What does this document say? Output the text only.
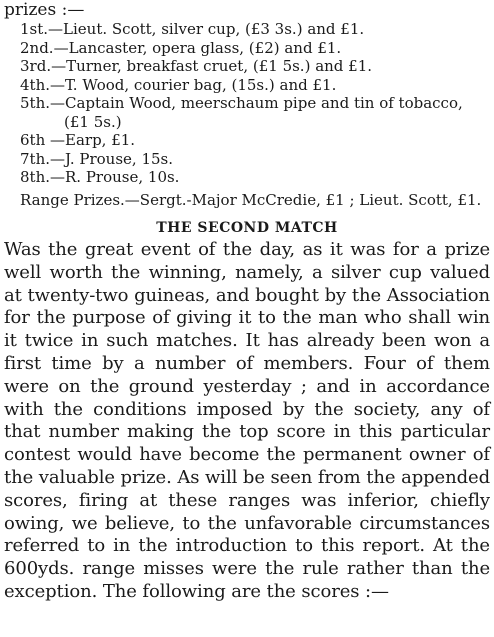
prizes :—

1st.—Lieut. Scott, silver cup, (£3 3s.) and £1.
2nd.—Lancaster, opera glass, (£2) and £1.
3rd.—Turner, breakfast cruet, (£1 5s.) and £1.
4th.—T. Wood, courier bag, (15s.) and £1.
5th.—Captain Wood, meerschaum pipe and tin of tobacco, (£1 5s.)
6th —Earp, £1.
7th.—J. Prouse, 15s.
8th.—R. Prouse, 10s.

Range Prizes.—Sergt.-Major McCredie, £1 ; Lieut. Scott, £1.

THE SECOND MATCH

Was the great event of the day, as it was for a prize well worth the winning, namely, a silver cup valued at twenty-two guineas, and bought by the Association for the purpose of giving it to the man who shall win it twice in such matches. It has already been won a first time by a number of members. Four of them were on the ground yesterday ; and in accordance with the conditions imposed by the society, any of that number making the top score in this particular contest would have become the permanent owner of the valuable prize. As will be seen from the appended scores, firing at these ranges was inferior, chiefly owing, we believe, to the unfavorable circumstances referred to in the introduction to this report. At the 600yds. range misses were the rule rather than the exception. The following are the scores :—
